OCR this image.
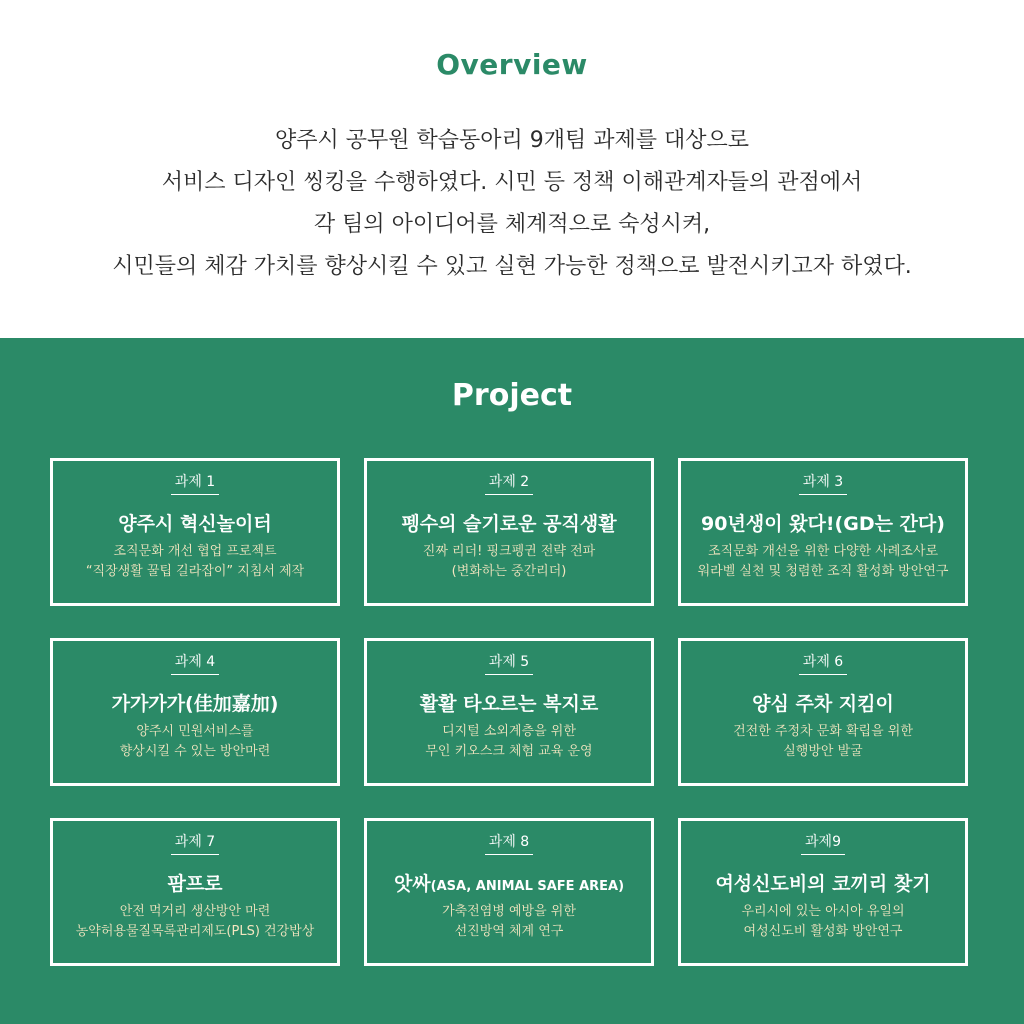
Overview
양주시 공무원 학습동아리 9개팀 과제를 대상으로
서비스 디자인 씽킹을 수행하였다. 시민 등 정책 이해관계자들의 관점에서
각 팀의 아이디어를 체계적으로 숙성시켜,
시민들의 체감 가치를 향상시킬 수 있고 실현 가능한 정책으로 발전시키고자 하였다.
Project
과제 1
양주시 혁신놀이터
조직문화 개선 협업 프로젝트
“직장생활 꿀팁 길라잡이” 지침서 제작
과제 2
펭수의 슬기로운 공직생활
진짜 리더! 핑크펭귄 전략 전파
(변화하는 중간리더)
과제 3
90년생이 왔다!(GD는 간다)
조직문화 개선을 위한 다양한 사례조사로
워라벨 실천 및 청렴한 조직 활성화 방안연구
과제 4
가가가가(佳加嘉加)
양주시 민원서비스를
향상시킬 수 있는 방안마련
과제 5
활활 타오르는 복지로
디지털 소외계층을 위한
무인 키오스크 체험 교육 운영
과제 6
양심 주차 지킴이
건전한 주정차 문화 확립을 위한
실행방안 발굴
과제 7
팜프로
안전 먹거리 생산방안 마련
농약허용물질목록관리제도(PLS) 건강밥상
과제 8
앗싸(ASA, ANIMAL SAFE AREA)
가축전염병 예방을 위한
선진방역 체계 연구
과제9
여성신도비의 코끼리 찾기
우리시에 있는 아시아 유일의
여성신도비 활성화 방안연구
